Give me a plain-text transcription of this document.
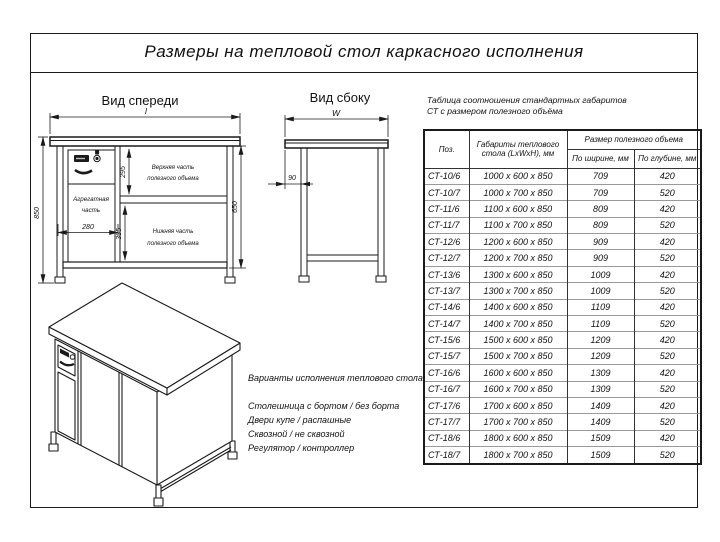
Размеры на тепловой стол каркасного исполнения
Вид спереди
l
850
295
335
280
650
Верхняя часть
полезного объема
Нижняя часть
полезного объема
Агрегатная
часть
Вид сбоку
W
90
Таблица соотношения стандартных габаритов
СТ с размером полезного объёма
Поз.	Габариты теплового
стола (LxWxH), мм	Размер полезного объема	
		По ширине, мм	По глубине, мм
СТ-10/6	1000 x 600 x 850	709	420
СТ-10/7	1000 x 700 x 850	709	520
СТ-11/6	1100 x 600 x 850	809	420
СТ-11/7	1100 x 700 x 850	809	520
СТ-12/6	1200 x 600 x 850	909	420
СТ-12/7	1200 x 700 x 850	909	520
СТ-13/6	1300 x 600 x 850	1009	420
СТ-13/7	1300 x 700 x 850	1009	520
СТ-14/6	1400 x 600 x 850	1109	420
СТ-14/7	1400 x 700 x 850	1109	520
СТ-15/6	1500 x 600 x 850	1209	420
СТ-15/7	1500 x 700 x 850	1209	520
СТ-16/6	1600 x 600 x 850	1309	420
СТ-16/7	1600 x 700 x 850	1309	520
СТ-17/6	1700 x 600 x 850	1409	420
СТ-17/7	1700 x 700 x 850	1409	520
СТ-18/6	1800 x 600 x 850	1509	420
СТ-18/7	1800 x 700 x 850	1509	520
Варианты исполнения теплового стола:
Столешница с бортом / без борта
Двери купе / распашные
Сквозной / не сквозной
Регулятор / контроллер
